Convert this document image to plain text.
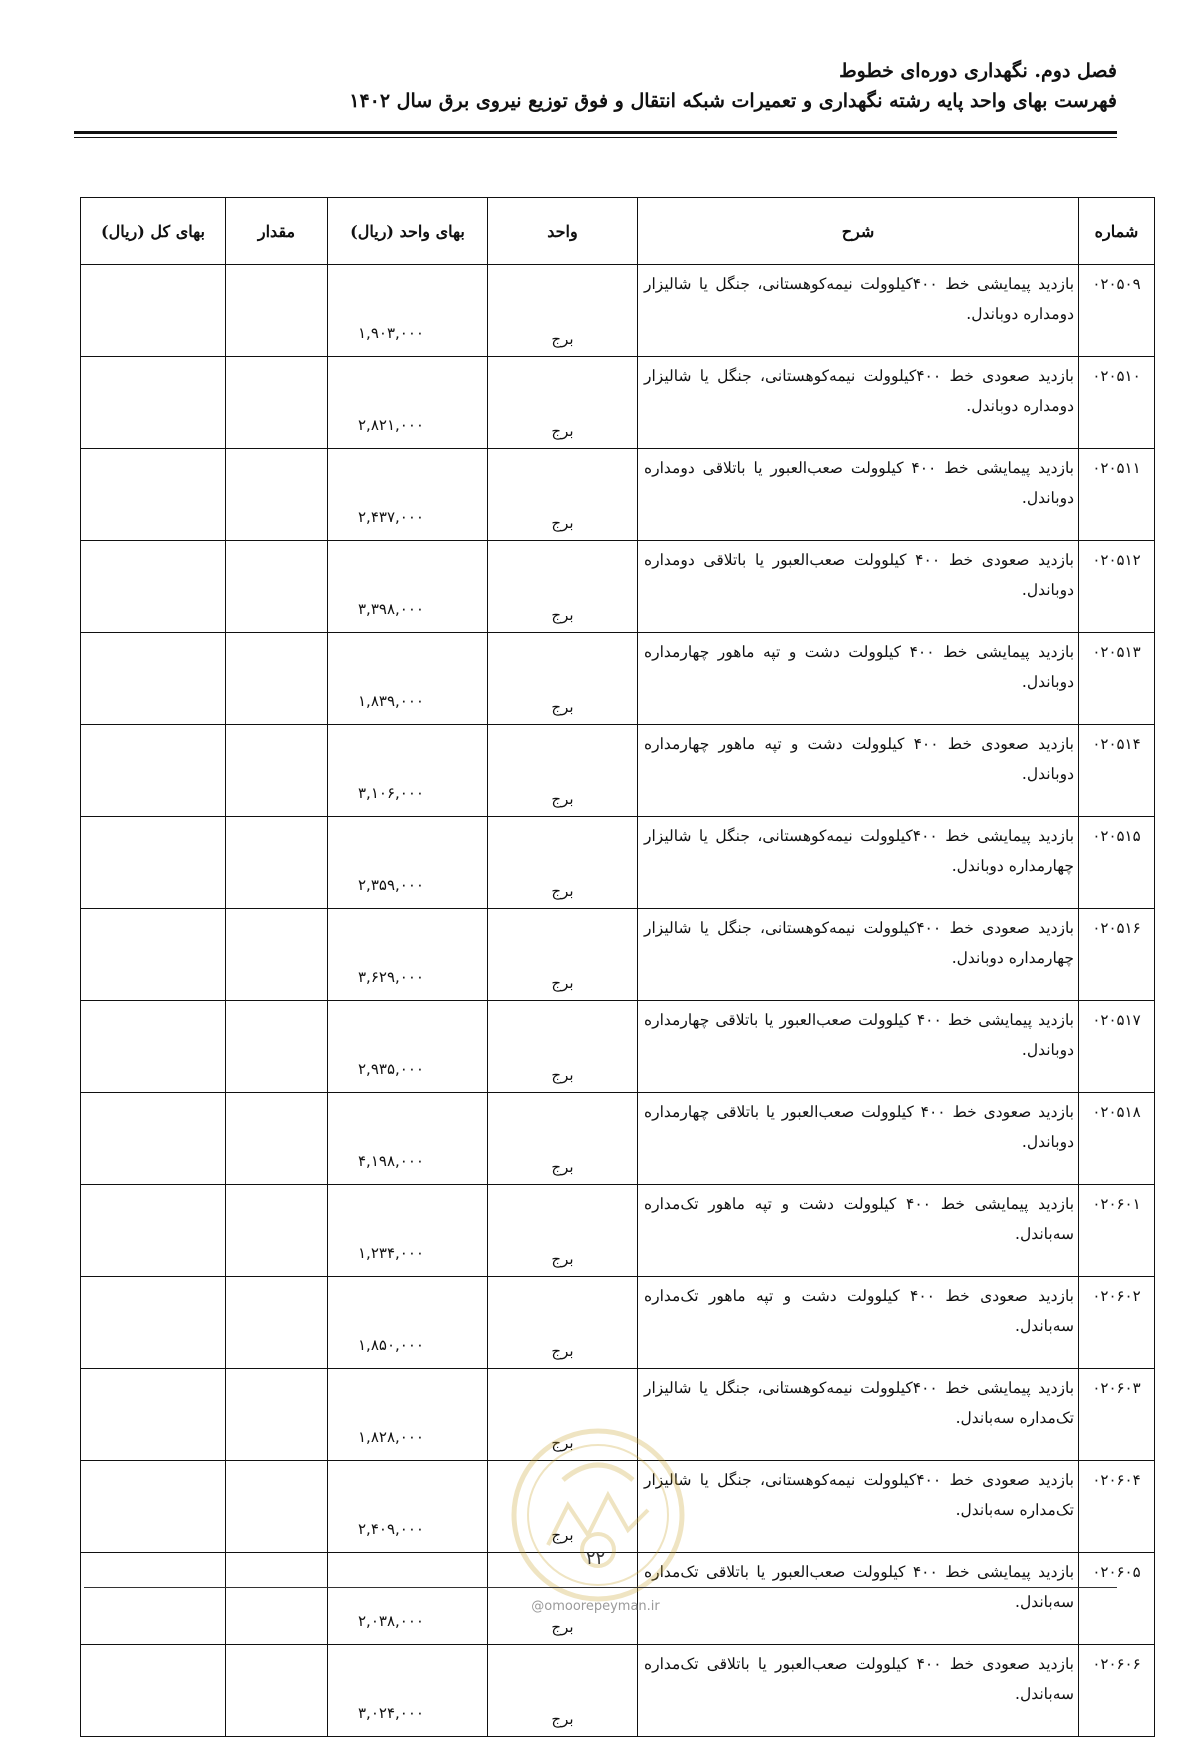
فصل دوم. نگهداری دوره‌ای خطوط
فهرست بهای واحد پایه رشته نگهداری و تعمیرات شبکه انتقال و فوق توزیع نیروی برق سال ۱۴۰۲
شماره	شرح	واحد	بهای واحد (ریال)	مقدار	بهای کل (ریال)
۰۲۰۵۰۹	بازدید پیمایشی خط ۴۰۰کیلوولت نیمه‌کوهستانی، جنگل یا شالیزار دومداره دوباندل.	برج	۱,۹۰۳,۰۰۰		
۰۲۰۵۱۰	بازدید صعودی خط ۴۰۰کیلوولت نیمه‌کوهستانی، جنگل یا شالیزار دومداره دوباندل.	برج	۲,۸۲۱,۰۰۰		
۰۲۰۵۱۱	بازدید پیمایشی خط ۴۰۰ کیلوولت صعب‌العبور یا باتلاقی دومداره دوباندل.	برج	۲,۴۳۷,۰۰۰		
۰۲۰۵۱۲	بازدید صعودی خط ۴۰۰ کیلوولت صعب‌العبور یا باتلاقی دومداره دوباندل.	برج	۳,۳۹۸,۰۰۰		
۰۲۰۵۱۳	بازدید پیمایشی خط ۴۰۰ کیلوولت دشت و تپه ماهور چهارمداره دوباندل.	برج	۱,۸۳۹,۰۰۰		
۰۲۰۵۱۴	بازدید صعودی خط ۴۰۰ کیلوولت دشت و تپه ماهور چهارمداره دوباندل.	برج	۳,۱۰۶,۰۰۰		
۰۲۰۵۱۵	بازدید پیمایشی خط ۴۰۰کیلوولت نیمه‌کوهستانی، جنگل یا شالیزار چهارمداره دوباندل.	برج	۲,۳۵۹,۰۰۰		
۰۲۰۵۱۶	بازدید صعودی خط ۴۰۰کیلوولت نیمه‌کوهستانی، جنگل یا شالیزار چهارمداره دوباندل.	برج	۳,۶۲۹,۰۰۰		
۰۲۰۵۱۷	بازدید پیمایشی خط ۴۰۰ کیلوولت صعب‌العبور یا باتلاقی چهارمداره دوباندل.	برج	۲,۹۳۵,۰۰۰		
۰۲۰۵۱۸	بازدید صعودی خط ۴۰۰ کیلوولت صعب‌العبور یا باتلاقی چهارمداره دوباندل.	برج	۴,۱۹۸,۰۰۰		
۰۲۰۶۰۱	بازدید پیمایشی خط ۴۰۰ کیلوولت دشت و تپه ماهور تک‌مداره سه‌باندل.	برج	۱,۲۳۴,۰۰۰		
۰۲۰۶۰۲	بازدید صعودی خط ۴۰۰ کیلوولت دشت و تپه ماهور تک‌مداره سه‌باندل.	برج	۱,۸۵۰,۰۰۰		
۰۲۰۶۰۳	بازدید پیمایشی خط ۴۰۰کیلوولت نیمه‌کوهستانی، جنگل یا شالیزار تک‌مداره سه‌باندل.	برج	۱,۸۲۸,۰۰۰		
۰۲۰۶۰۴	بازدید صعودی خط ۴۰۰کیلوولت نیمه‌کوهستانی، جنگل یا شالیزار تک‌مداره سه‌باندل.	برج	۲,۴۰۹,۰۰۰		
۰۲۰۶۰۵	بازدید پیمایشی خط ۴۰۰ کیلوولت صعب‌العبور یا باتلاقی تک‌مداره سه‌باندل.	برج	۲,۰۳۸,۰۰۰		
۰۲۰۶۰۶	بازدید صعودی خط ۴۰۰ کیلوولت صعب‌العبور یا باتلاقی تک‌مداره سه‌باندل.	برج	۳,۰۲۴,۰۰۰		
۲۲
@omoorepeyman.ir
